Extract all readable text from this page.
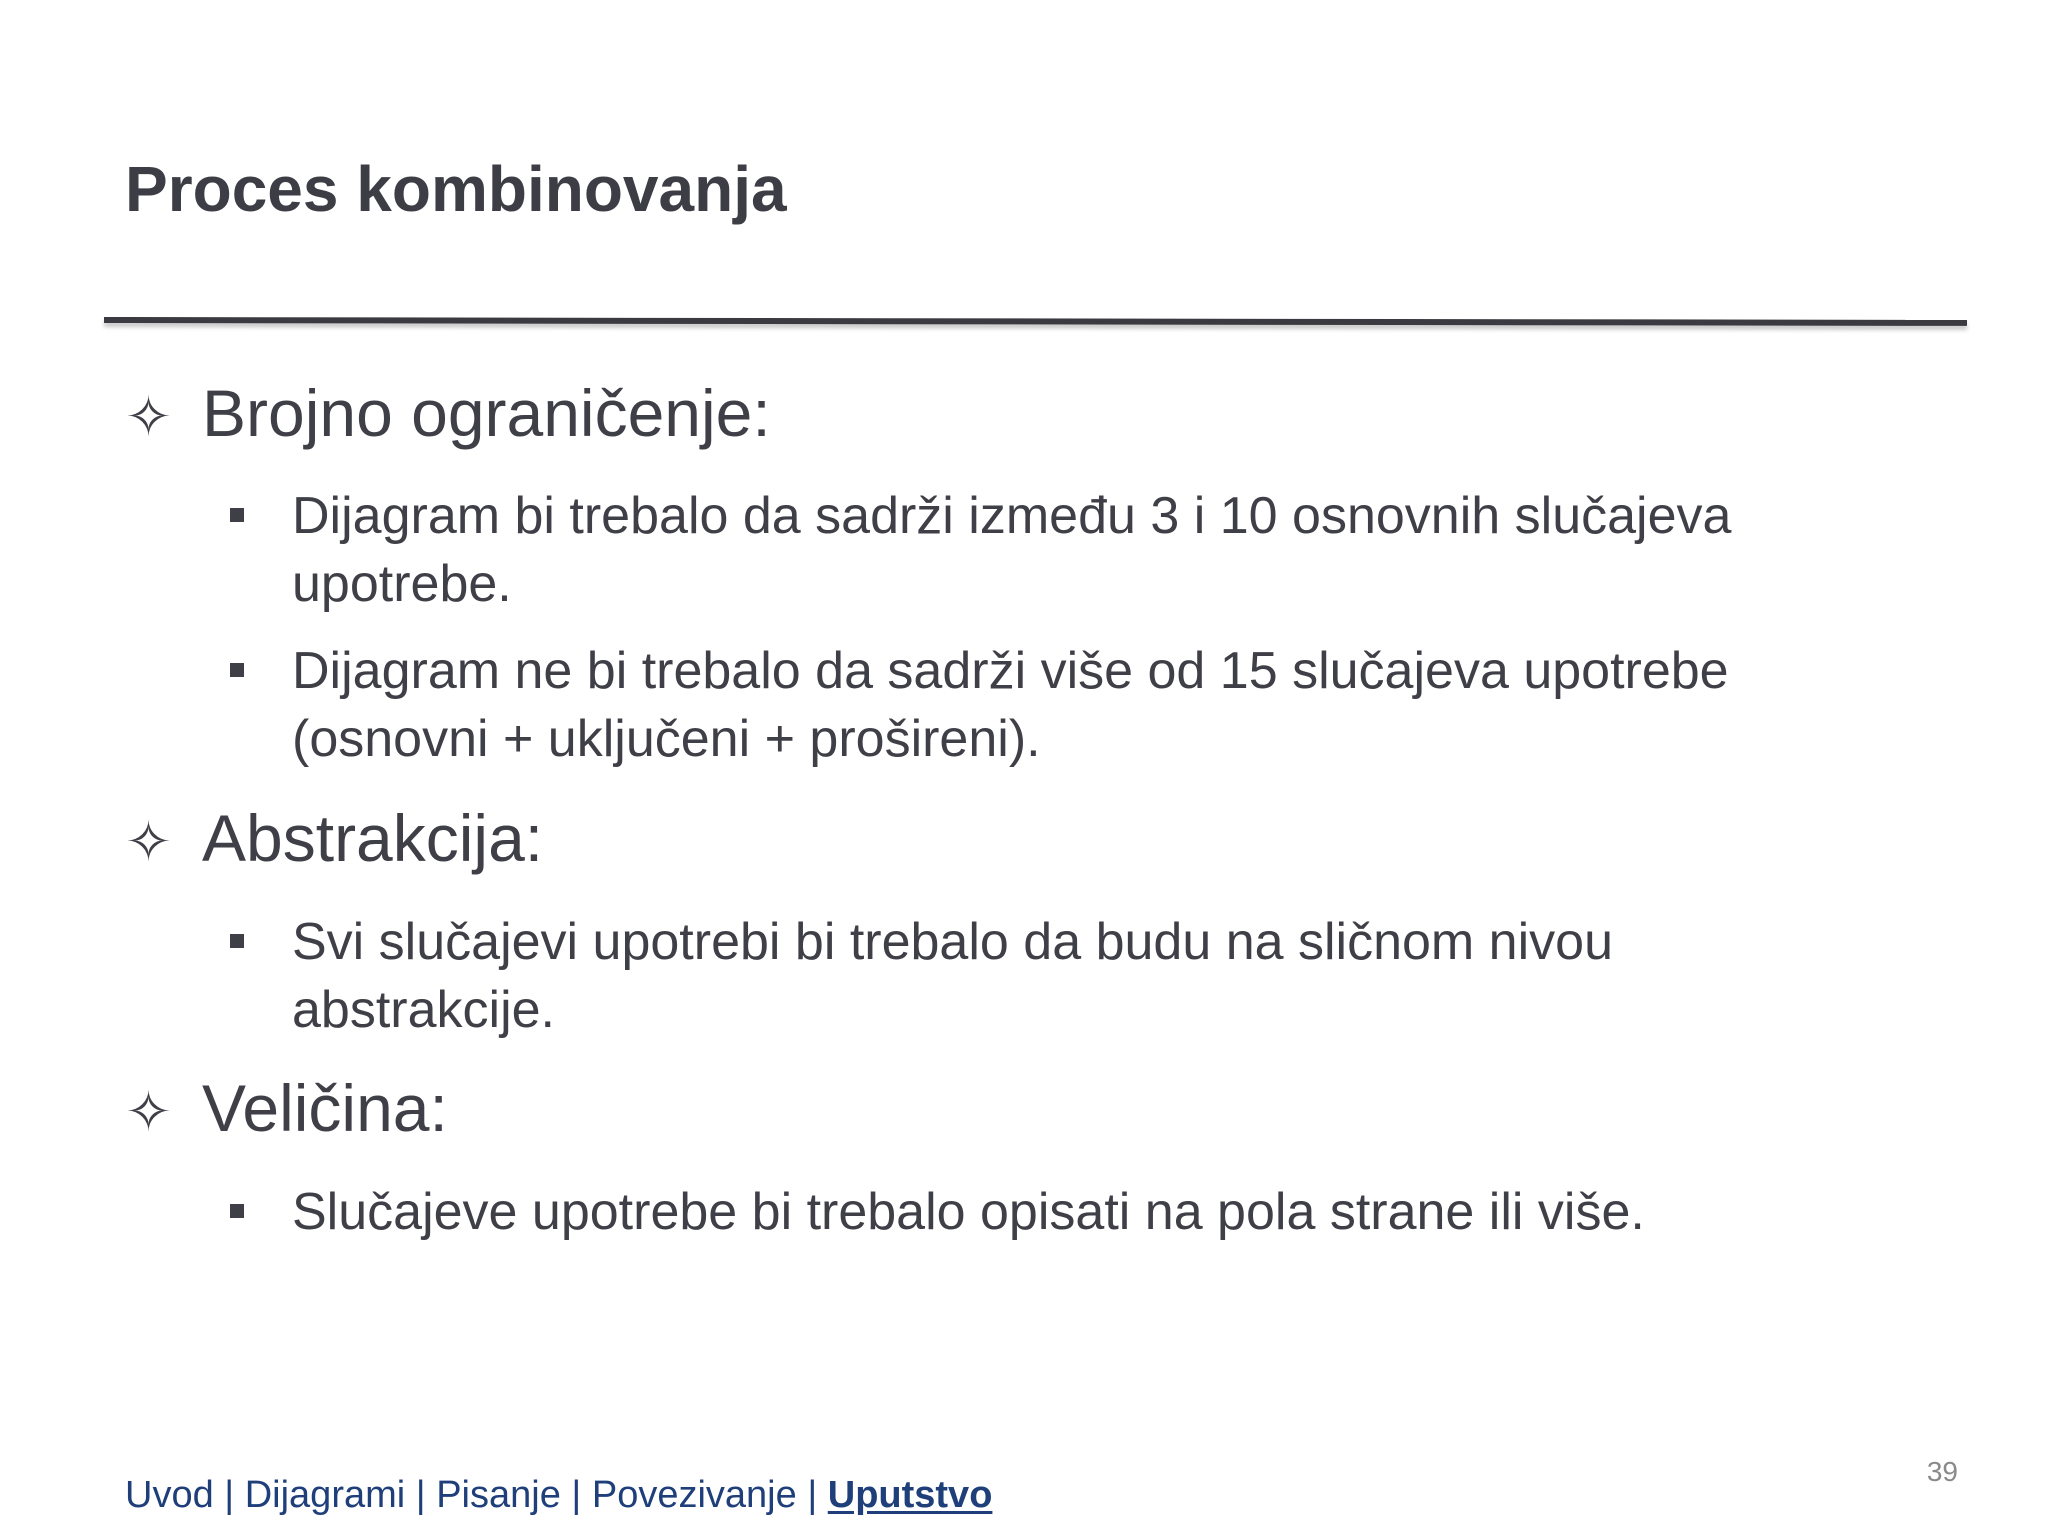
Proces kombinovanja
✧ Brojno ograničenje:
Dijagram bi trebalo da sadrži između 3 i 10 osnovnih slučajeva upotrebe.
Dijagram ne bi trebalo da sadrži više od 15 slučajeva upotrebe (osnovni + uključeni + prošireni).
✧ Abstrakcija:
Svi slučajevi upotrebi bi trebalo da budu na sličnom nivou abstrakcije.
✧ Veličina:
Slučajeve upotrebe bi trebalo opisati na pola strane ili više.
Uvod | Dijagrami | Pisanje | Povezivanje | Uputstvo
39
